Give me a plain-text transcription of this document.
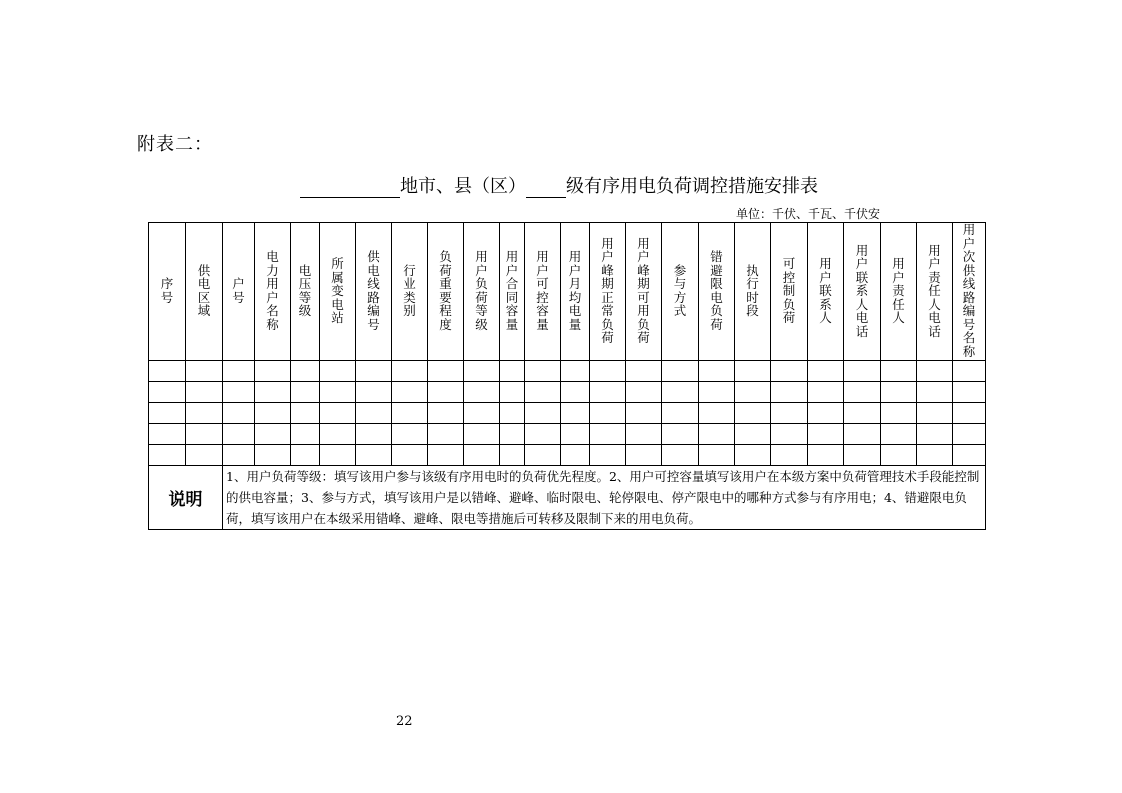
附表二：
地市、县（区） 级有序用电负荷调控措施安排表
单位：千伏、千瓦、千伏安
序号	供电区域	户号	电力用户名称	电压等级	所属变电站	供电线路编号	行业类别	负荷重要程度	用户负荷等级	用户合同容量	用户可控容量	用户月均电量	用户峰期正常负荷	用户峰期可用负荷	参与方式	错避限电负荷	执行时段	可控制负荷	用户联系人	用户联系人电话	用户责任人	用户责任人电话	用户次供线路编号名称

说明		1、用户负荷等级：填写该用户参与该级有序用电时的负荷优先程度。2、用户可控容量填写该用户在本级方案中负荷管理技术手段能控制的供电容量；3、参与方式，填写该用户是以错峰、避峰、临时限电、轮停限电、停产限电中的哪种方式参与有序用电；4、错避限电负荷，填写该用户在本级采用错峰、避峰、限电等措施后可转移及限制下来的用电负荷。																					
22
